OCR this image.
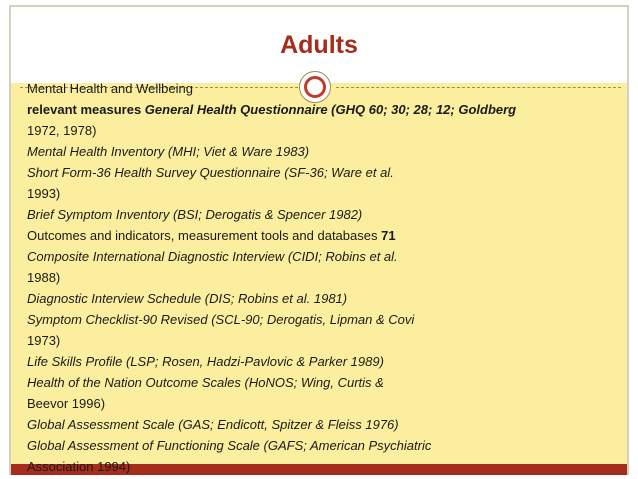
Adults
Mental Health and Wellbeing
relevant measures General Health Questionnaire (GHQ 60; 30; 28; 12; Goldberg
1972, 1978)
Mental Health Inventory (MHI; Viet & Ware 1983)
Short Form-36 Health Survey Questionnaire (SF-36; Ware et al.
1993)
Brief Symptom Inventory (BSI; Derogatis & Spencer 1982)
Outcomes and indicators, measurement tools and databases 71
Composite International Diagnostic Interview (CIDI; Robins et al.
1988)
Diagnostic Interview Schedule (DIS; Robins et al. 1981)
Symptom Checklist-90 Revised (SCL-90; Derogatis, Lipman & Covi
1973)
Life Skills Profile (LSP; Rosen, Hadzi-Pavlovic & Parker 1989)
Health of the Nation Outcome Scales (HoNOS; Wing, Curtis &
Beevor 1996)
Global Assessment Scale (GAS; Endicott, Spitzer & Fleiss 1976)
Global Assessment of Functioning Scale (GAFS; American Psychiatric
Association 1994)
